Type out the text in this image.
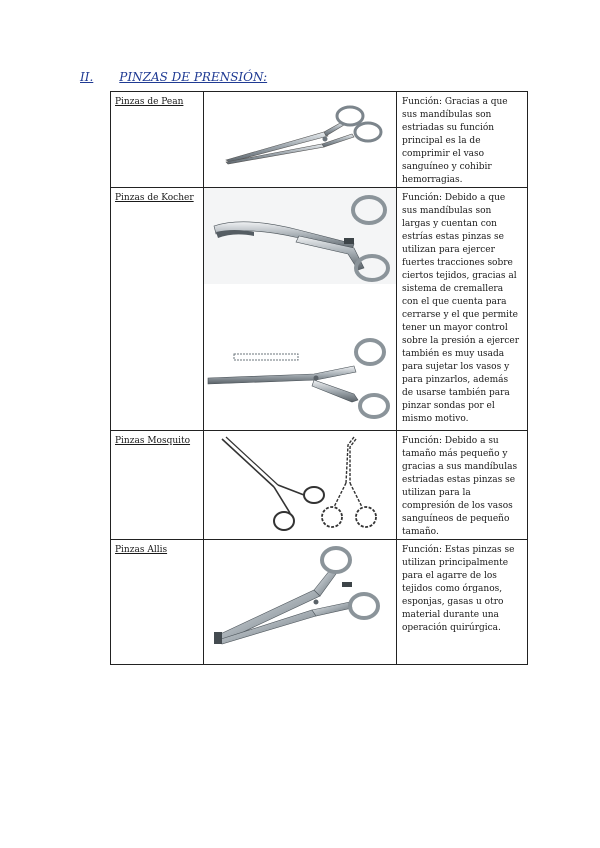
II. PINZAS DE PRENSIÓN:
Pinzas de Pean		Función: Gracias a que sus mandíbulas son estriadas su función principal es la de comprimir el vaso sanguíneo y cohibir hemorragias.
Pinzas de Kocher		Función: Debido a que sus mandíbulas son largas y cuentan con estrías estas pinzas se utilizan para ejercer fuertes tracciones sobre ciertos tejidos, gracias al sistema de cremallera con el que cuenta para cerrarse y el que permite tener un mayor control sobre la presión a ejercer también es muy usada para sujetar los vasos y para pinzarlos, además de usarse también para pinzar sondas por el mismo motivo.
Pinzas Mosquito		Función: Debido a su tamaño más pequeño y gracias a sus mandíbulas estriadas estas pinzas se utilizan para la compresión de los vasos sanguíneos de pequeño tamaño.
Pinzas Allis		Función: Estas pinzas se utilizan principalmente para el agarre de los tejidos como órganos, esponjas, gasas u otro material durante una operación quirúrgica.
